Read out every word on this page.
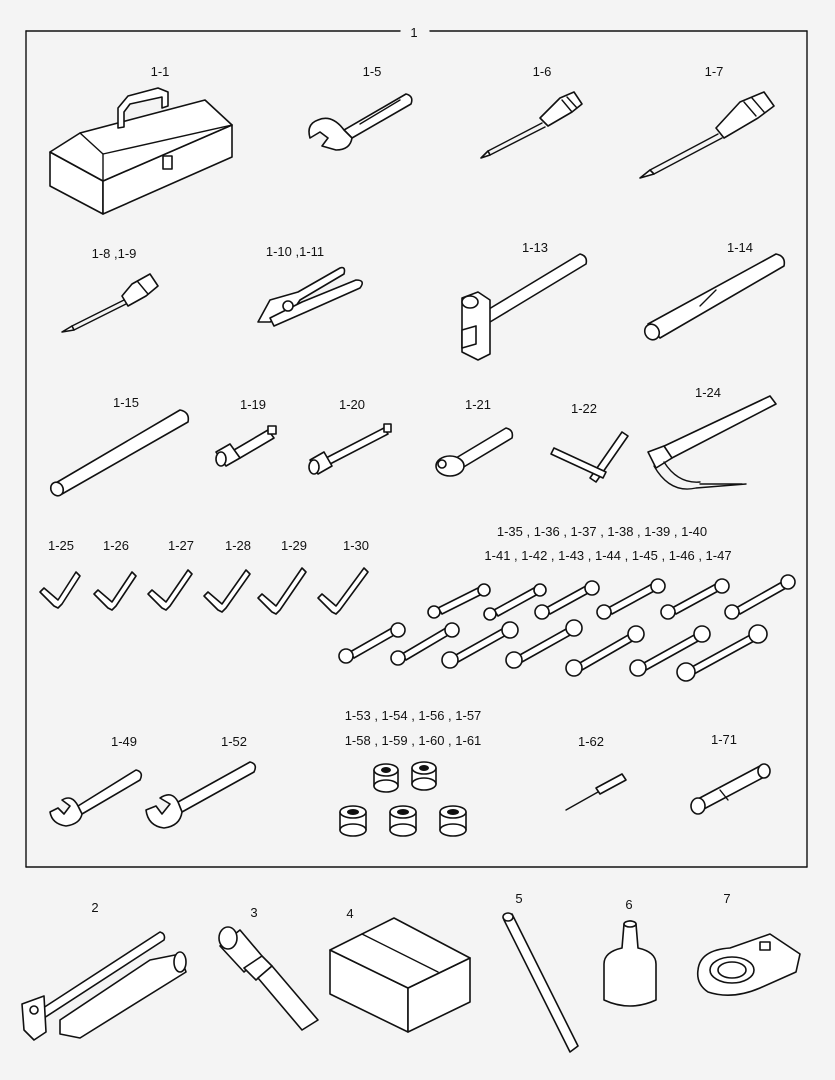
1
1-1	1-5	1-6	1-7
1-8 ,1-9	1-10 ,1-11	1-13	1-14
1-15	1-19	1-20	1-21	1-22
1-24
1-25 1-26	1-27 1-28 1-29	1-30
1-35 , 1-36 , 1-37 , 1-38 , 1-39 , 1-40
1-41 , 1-42 , 1-43 , 1-44 , 1-45 , 1-46 , 1-47
1-49	1-52
1-53 , 1-54 , 1-56 , 1-57
1-58 , 1-59 , 1-60 , 1-61	1-62	1-71
2	3	4
5	6	7
